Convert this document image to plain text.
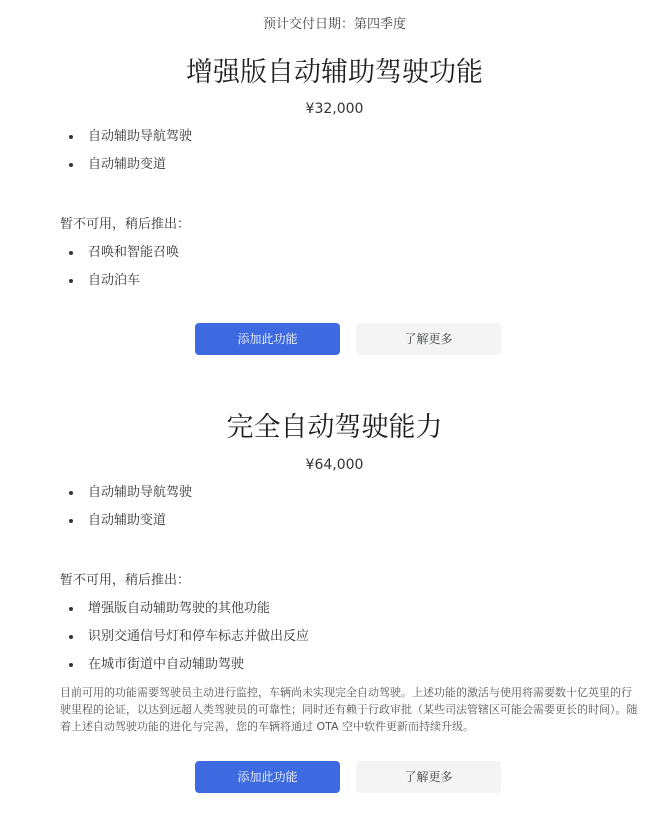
预计交付日期：第四季度
增强版自动辅助驾驶功能
¥32,000
自动辅助导航驾驶
自动辅助变道
暂不可用，稍后推出：
召唤和智能召唤
自动泊车
添加此功能	了解更多
完全自动驾驶能力
¥64,000
自动辅助导航驾驶
自动辅助变道
暂不可用，稍后推出：
增强版自动辅助驾驶的其他功能
识别交通信号灯和停车标志并做出反应
在城市街道中自动辅助驾驶
目前可用的功能需要驾驶员主动进行监控，车辆尚未实现完全自动驾驶。上述功能的激活与使用将需要数十亿英里的行驶里程的论证，以达到远超人类驾驶员的可靠性；同时还有赖于行政审批（某些司法管辖区可能会需要更长的时间）。随着上述自动驾驶功能的进化与完善，您的车辆将通过 OTA 空中软件更新而持续升级。
添加此功能	了解更多
